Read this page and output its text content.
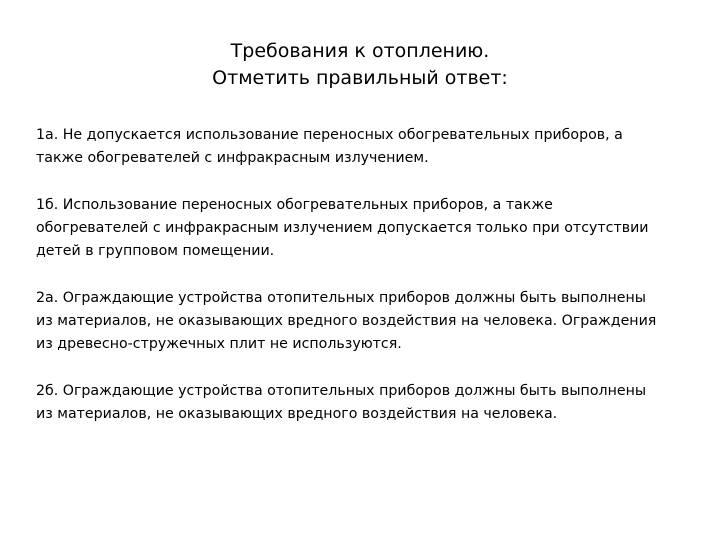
Требования к отоплению.
Отметить правильный ответ:

1а. Не допускается использование переносных обогревательных приборов, а
также обогревателей с инфракрасным излучением.

1б. Использование переносных обогревательных приборов, а также
обогревателей с инфракрасным излучением допускается только при отсутствии
детей в групповом помещении.

2а. Ограждающие устройства отопительных приборов должны быть выполнены
из материалов, не оказывающих вредного воздействия на человека. Ограждения
из древесно-стружечных плит не используются.

2б. Ограждающие устройства отопительных приборов должны быть выполнены
из материалов, не оказывающих вредного воздействия на человека.
